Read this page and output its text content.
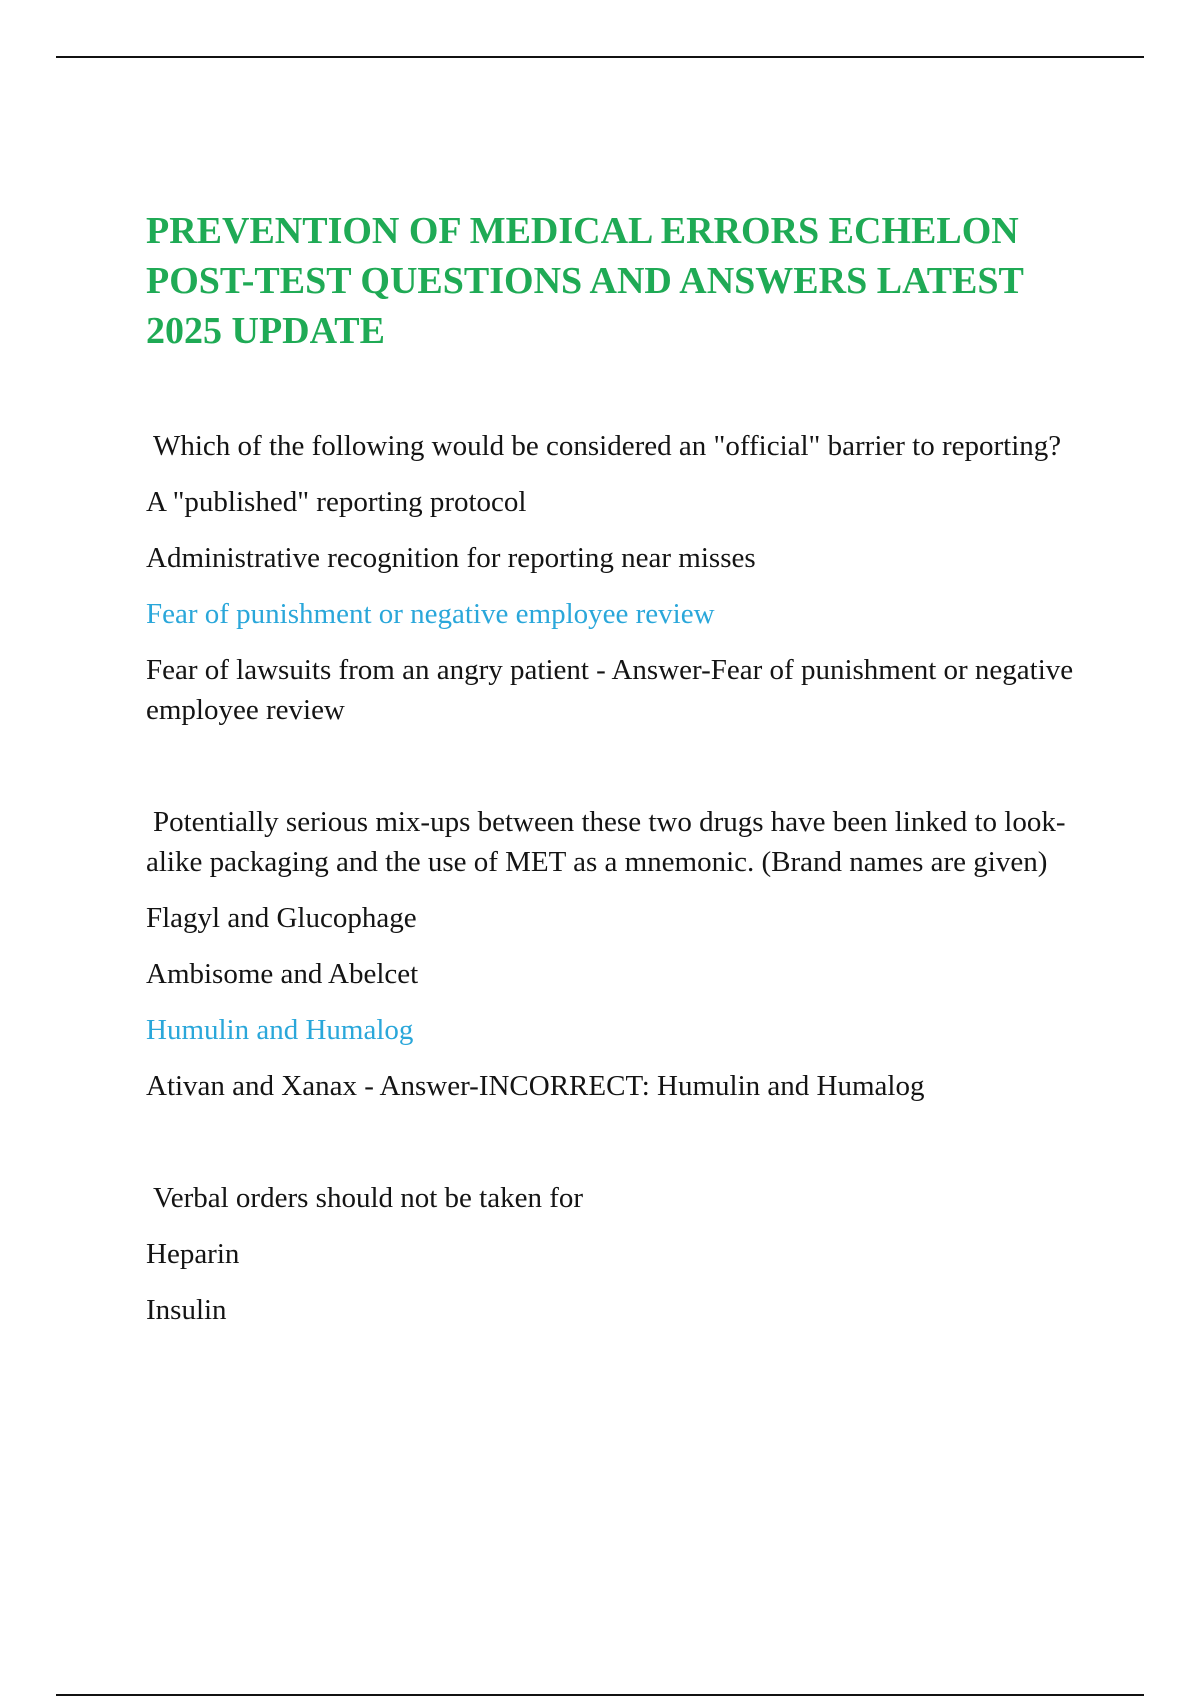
PREVENTION OF MEDICAL ERRORS ECHELON
POST-TEST QUESTIONS AND ANSWERS LATEST
2025 UPDATE

Which of the following would be considered an "official" barrier to reporting?

A "published" reporting protocol

Administrative recognition for reporting near misses

Fear of punishment or negative employee review

Fear of lawsuits from an angry patient - Answer-Fear of punishment or negative employee review

Potentially serious mix-ups between these two drugs have been linked to look-alike packaging and the use of MET as a mnemonic. (Brand names are given)

Flagyl and Glucophage

Ambisome and Abelcet

Humulin and Humalog

Ativan and Xanax - Answer-INCORRECT: Humulin and Humalog

Verbal orders should not be taken for

Heparin

Insulin
